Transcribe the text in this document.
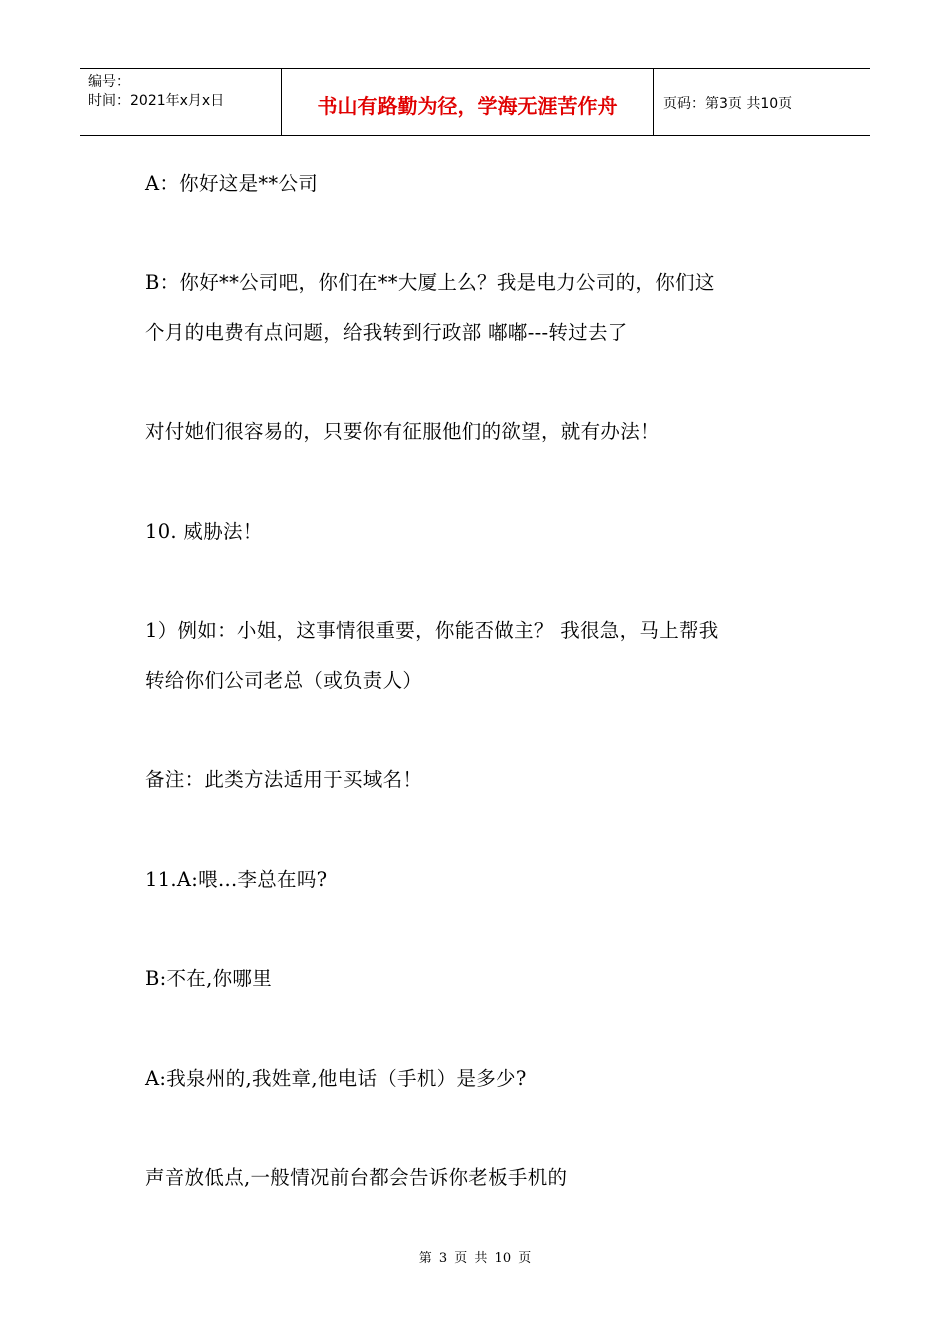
编号：
时间：2021年x月x日	书山有路勤为径，学海无涯苦作舟	页码：第3页 共10页
A：你好这是**公司
B：你好**公司吧，你们在**大厦上么？我是电力公司的，你们这
个月的电费有点问题，给我转到行政部 嘟嘟---转过去了
对付她们很容易的，只要你有征服他们的欲望，就有办法！
10. 威胁法！
1）例如：小姐，这事情很重要，你能否做主？ 我很急，马上帮我
转给你们公司老总（或负责人）
备注：此类方法适用于买域名！
11.A:喂...李总在吗?
B:不在,你哪里
A:我泉州的,我姓章,他电话（手机）是多少?
声音放低点,一般情况前台都会告诉你老板手机的
第 3 页 共 10 页
